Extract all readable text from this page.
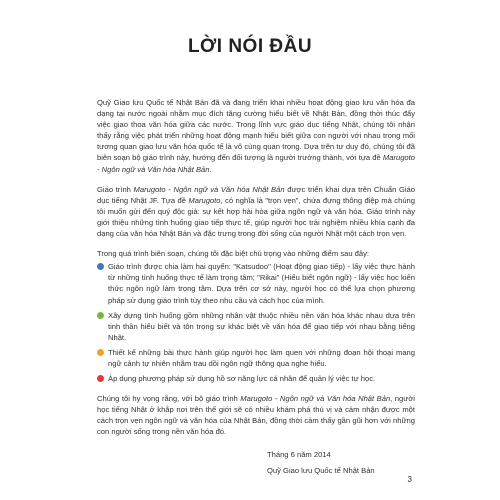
LỜI NÓI ĐẦU

Quỹ Giao lưu Quốc tế Nhật Bản đã và đang triển khai nhiều hoạt động giao lưu văn hóa đa dạng tại nước ngoài nhằm mục đích tăng cường hiểu biết về Nhật Bản, đồng thời thúc đẩy việc giao thoa văn hóa giữa các nước. Trong lĩnh vực giáo dục tiếng Nhật, chúng tôi nhận thấy rằng việc phát triển những hoạt động mạnh hiểu biết giữa con người với nhau trong mối tương quan giao lưu văn hóa quốc tế là vô cùng quan trọng. Dựa trên tư duy đó, chúng tôi đã biên soạn bộ giáo trình này, hướng đến đối tượng là người trưởng thành, với tựa đề Marugoto - Ngôn ngữ và Văn hóa Nhật Bản.

Giáo trình Marugoto - Ngôn ngữ và Văn hóa Nhật Bản được triển khai dựa trên Chuẩn Giáo dục tiếng Nhật JF. Tựa đề Marugoto, có nghĩa là "trọn vẹn", chứa đựng thông điệp mà chúng tôi muốn gửi đến quý độc giả: sự kết hợp hài hòa giữa ngôn ngữ và văn hóa. Giáo trình này giới thiệu những tình huống giao tiếp thực tế, giúp người học trải nghiệm nhiều khía cạnh đa dạng của văn hóa Nhật Bản và đặc trưng trong đời sống của người Nhật một cách trọn vẹn.

Trong quá trình biên soạn, chúng tôi đặc biệt chú trọng vào những điểm sau đây:

Giáo trình được chia làm hai quyển: "Katsudoo" (Hoạt động giao tiếp) - lấy việc thực hành từ những tình huống thực tế làm trọng tâm; "Rikai" (Hiểu biết ngôn ngữ) - lấy việc học kiến thức ngôn ngữ làm trọng tâm. Dựa trên cơ sở này, người học có thể lựa chọn phương pháp sử dụng giáo trình tùy theo nhu cầu và cách học của mình.
Xây dựng tình huống gồm những nhân vật thuộc nhiều nền văn hóa khác nhau dựa trên tinh thần hiểu biết và tôn trọng sự khác biệt về văn hóa để giao tiếp với nhau bằng tiếng Nhật.
Thiết kế những bài thực hành giúp người học làm quen với những đoạn hội thoại mang ngữ cảnh tự nhiên nhằm trau dồi ngôn ngữ thông qua nghe hiểu.
Áp dụng phương pháp sử dụng hồ sơ năng lực cá nhân để quản lý việc tự học.

Chúng tôi hy vọng rằng, với bộ giáo trình Marugoto - Ngôn ngữ và Văn hóa Nhật Bản, người học tiếng Nhật ở khắp nơi trên thế giới sẽ có nhiều khám phá thú vị và cảm nhận được một cách trọn vẹn ngôn ngữ và văn hóa của Nhật Bản, đồng thời cảm thấy gần gũi hơn với những con người sống trong nền văn hóa đó.

Tháng 6 năm 2014
Quỹ Giao lưu Quốc tế Nhật Bản
3
